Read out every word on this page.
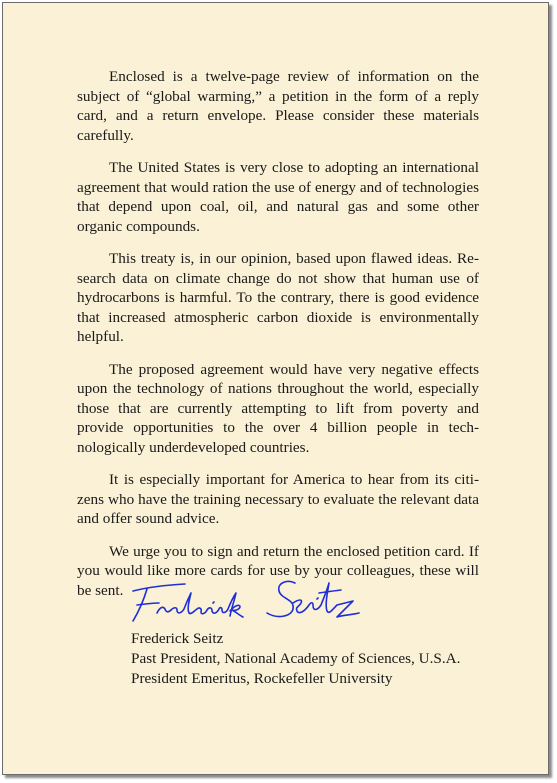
Enclosed is a twelve-page review of information on the subject of “global warming,” a petition in the form of a reply card, and a return envelope. Please consider these materials carefully.

The United States is very close to adopting an international agreement that would ration the use of energy and of technologies that depend upon coal, oil, and natural gas and some other organic compounds.

This treaty is, in our opinion, based upon flawed ideas. Research data on climate change do not show that human use of hydrocarbons is harmful. To the contrary, there is good evidence that increased atmospheric carbon dioxide is environmentally helpful.

The proposed agreement would have very negative effects upon the technology of nations throughout the world, especially those that are currently attempting to lift from poverty and provide opportunities to the over 4 billion people in technologically underdeveloped countries.

It is especially important for America to hear from its citizens who have the training necessary to evaluate the relevant data and offer sound advice.

We urge you to sign and return the enclosed petition card. If you would like more cards for use by your colleagues, these will be sent.

Frederick Seitz
Past President, National Academy of Sciences, U.S.A.
President Emeritus, Rockefeller University
